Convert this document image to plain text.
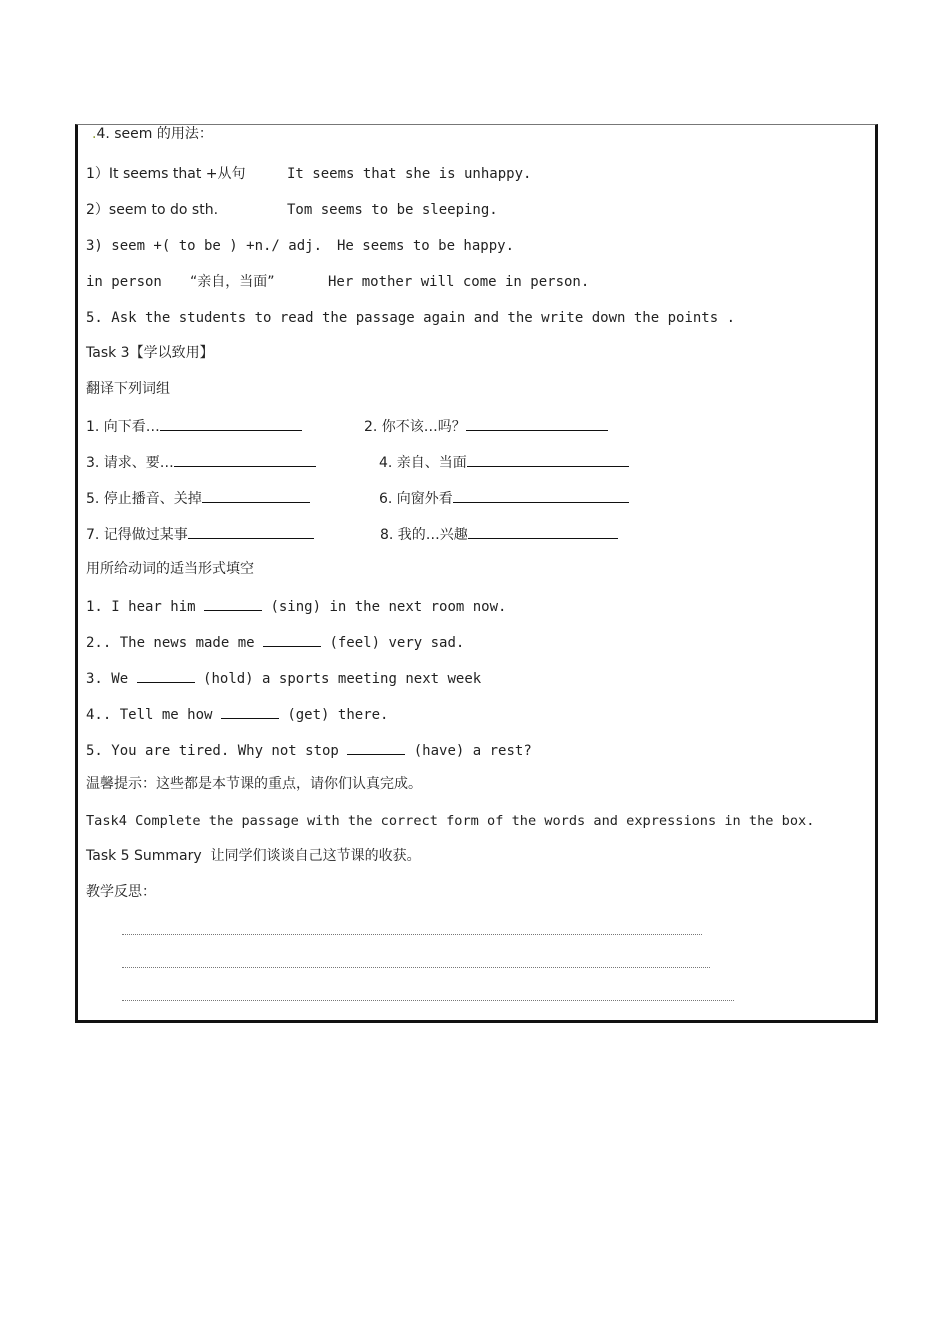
.4. seem 的用法：
1）It seems that +从句	It seems that she is unhappy.
2）seem to do sth.	Tom seems to be sleeping.
3) seem +( to be ) +n./ adj. He seems to be happy.
in person “亲自，当面”	Her mother will come in person.
5. Ask the students to read the passage again and the write down the points .
Task 3【学以致用】
翻译下列词组
1. 向下看…	2. 你不该…吗？
3. 请求、要…	4. 亲自、当面
5. 停止播音、关掉	6. 向窗外看
7. 记得做过某事	8. 我的…兴趣
用所给动词的适当形式填空
1. I hear him	(sing) in the next room now.
2.. The news made me	(feel) very sad.
3. We	(hold) a sports meeting next week
4.. Tell me how	(get) there.
5. You are tired. Why not stop	(have) a rest?
温馨提示：这些都是本节课的重点，请你们认真完成。
Task4 Complete the passage with the correct form of the words and expressions in the box.
Task 5 Summary  让同学们谈谈自己这节课的收获。
教学反思：
